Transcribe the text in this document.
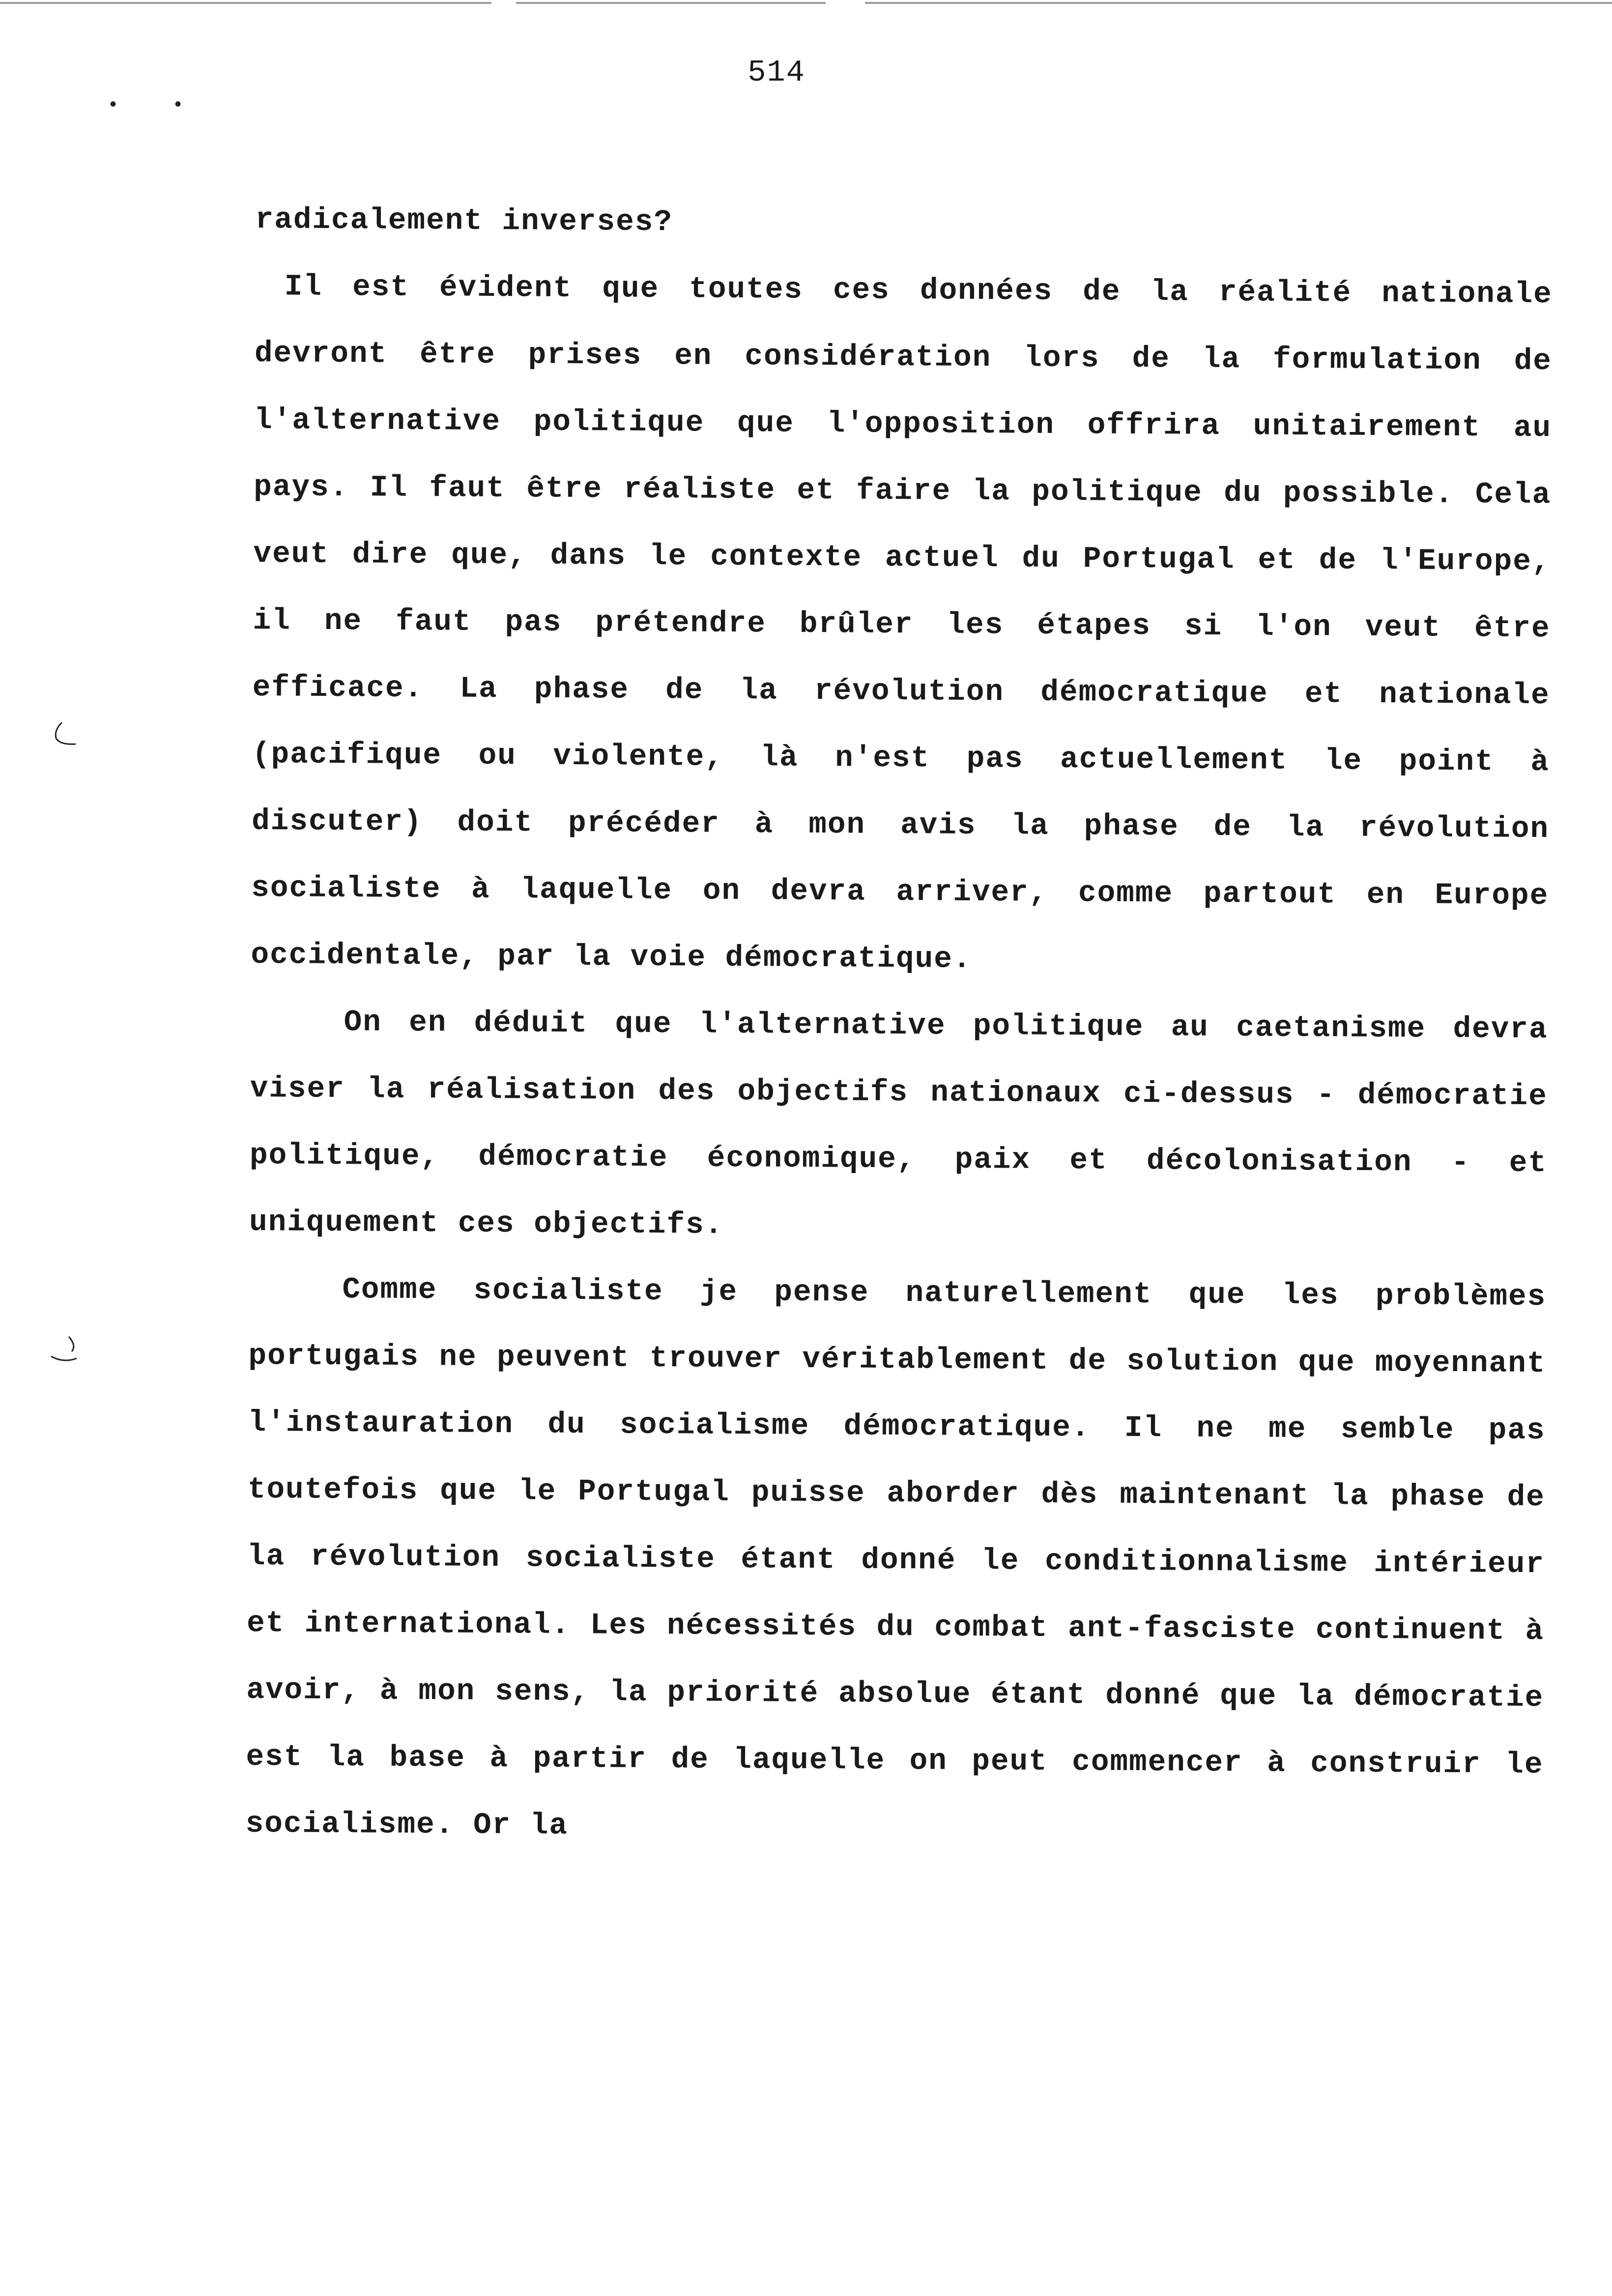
514
•	•

radicalement inverses?

Il est évident que toutes ces données de la réalité nationale devront être prises en considération lors de la formulation de l'alternative politique que l'opposition offrira unitairement au pays. Il faut être réaliste et faire la politique du possible. Cela veut dire que, dans le contexte actuel du Portugal et de l'Europe, il ne faut pas prétendre brûler les étapes si l'on veut être efficace. La phase de la révolution démocratique et nationale (pacifique ou violente, là n'est pas actuellement le point à discuter) doit précéder à mon avis la phase de la révolution socialiste à laquelle on devra arriver, comme partout en Europe occidentale, par la voie démocratique.

On en déduit que l'alternative politique au caetanisme devra viser la réalisation des objectifs nationaux ci-dessus - démocratie politique, démocratie économique, paix et décolonisation - et uniquement ces objectifs.

Comme socialiste je pense naturellement que les problèmes portugais ne peuvent trouver véritablement de solution que moyennant l'instauration du socialisme démocratique. Il ne me semble pas toutefois que le Portugal puisse aborder dès maintenant la phase de la révolution socialiste étant donné le conditionnalisme intérieur et international. Les nécessités du combat ant-fasciste continuent à avoir, à mon sens, la priorité absolue étant donné que la démocratie est la base à partir de laquelle on peut commencer à construir le socialisme. Or la
